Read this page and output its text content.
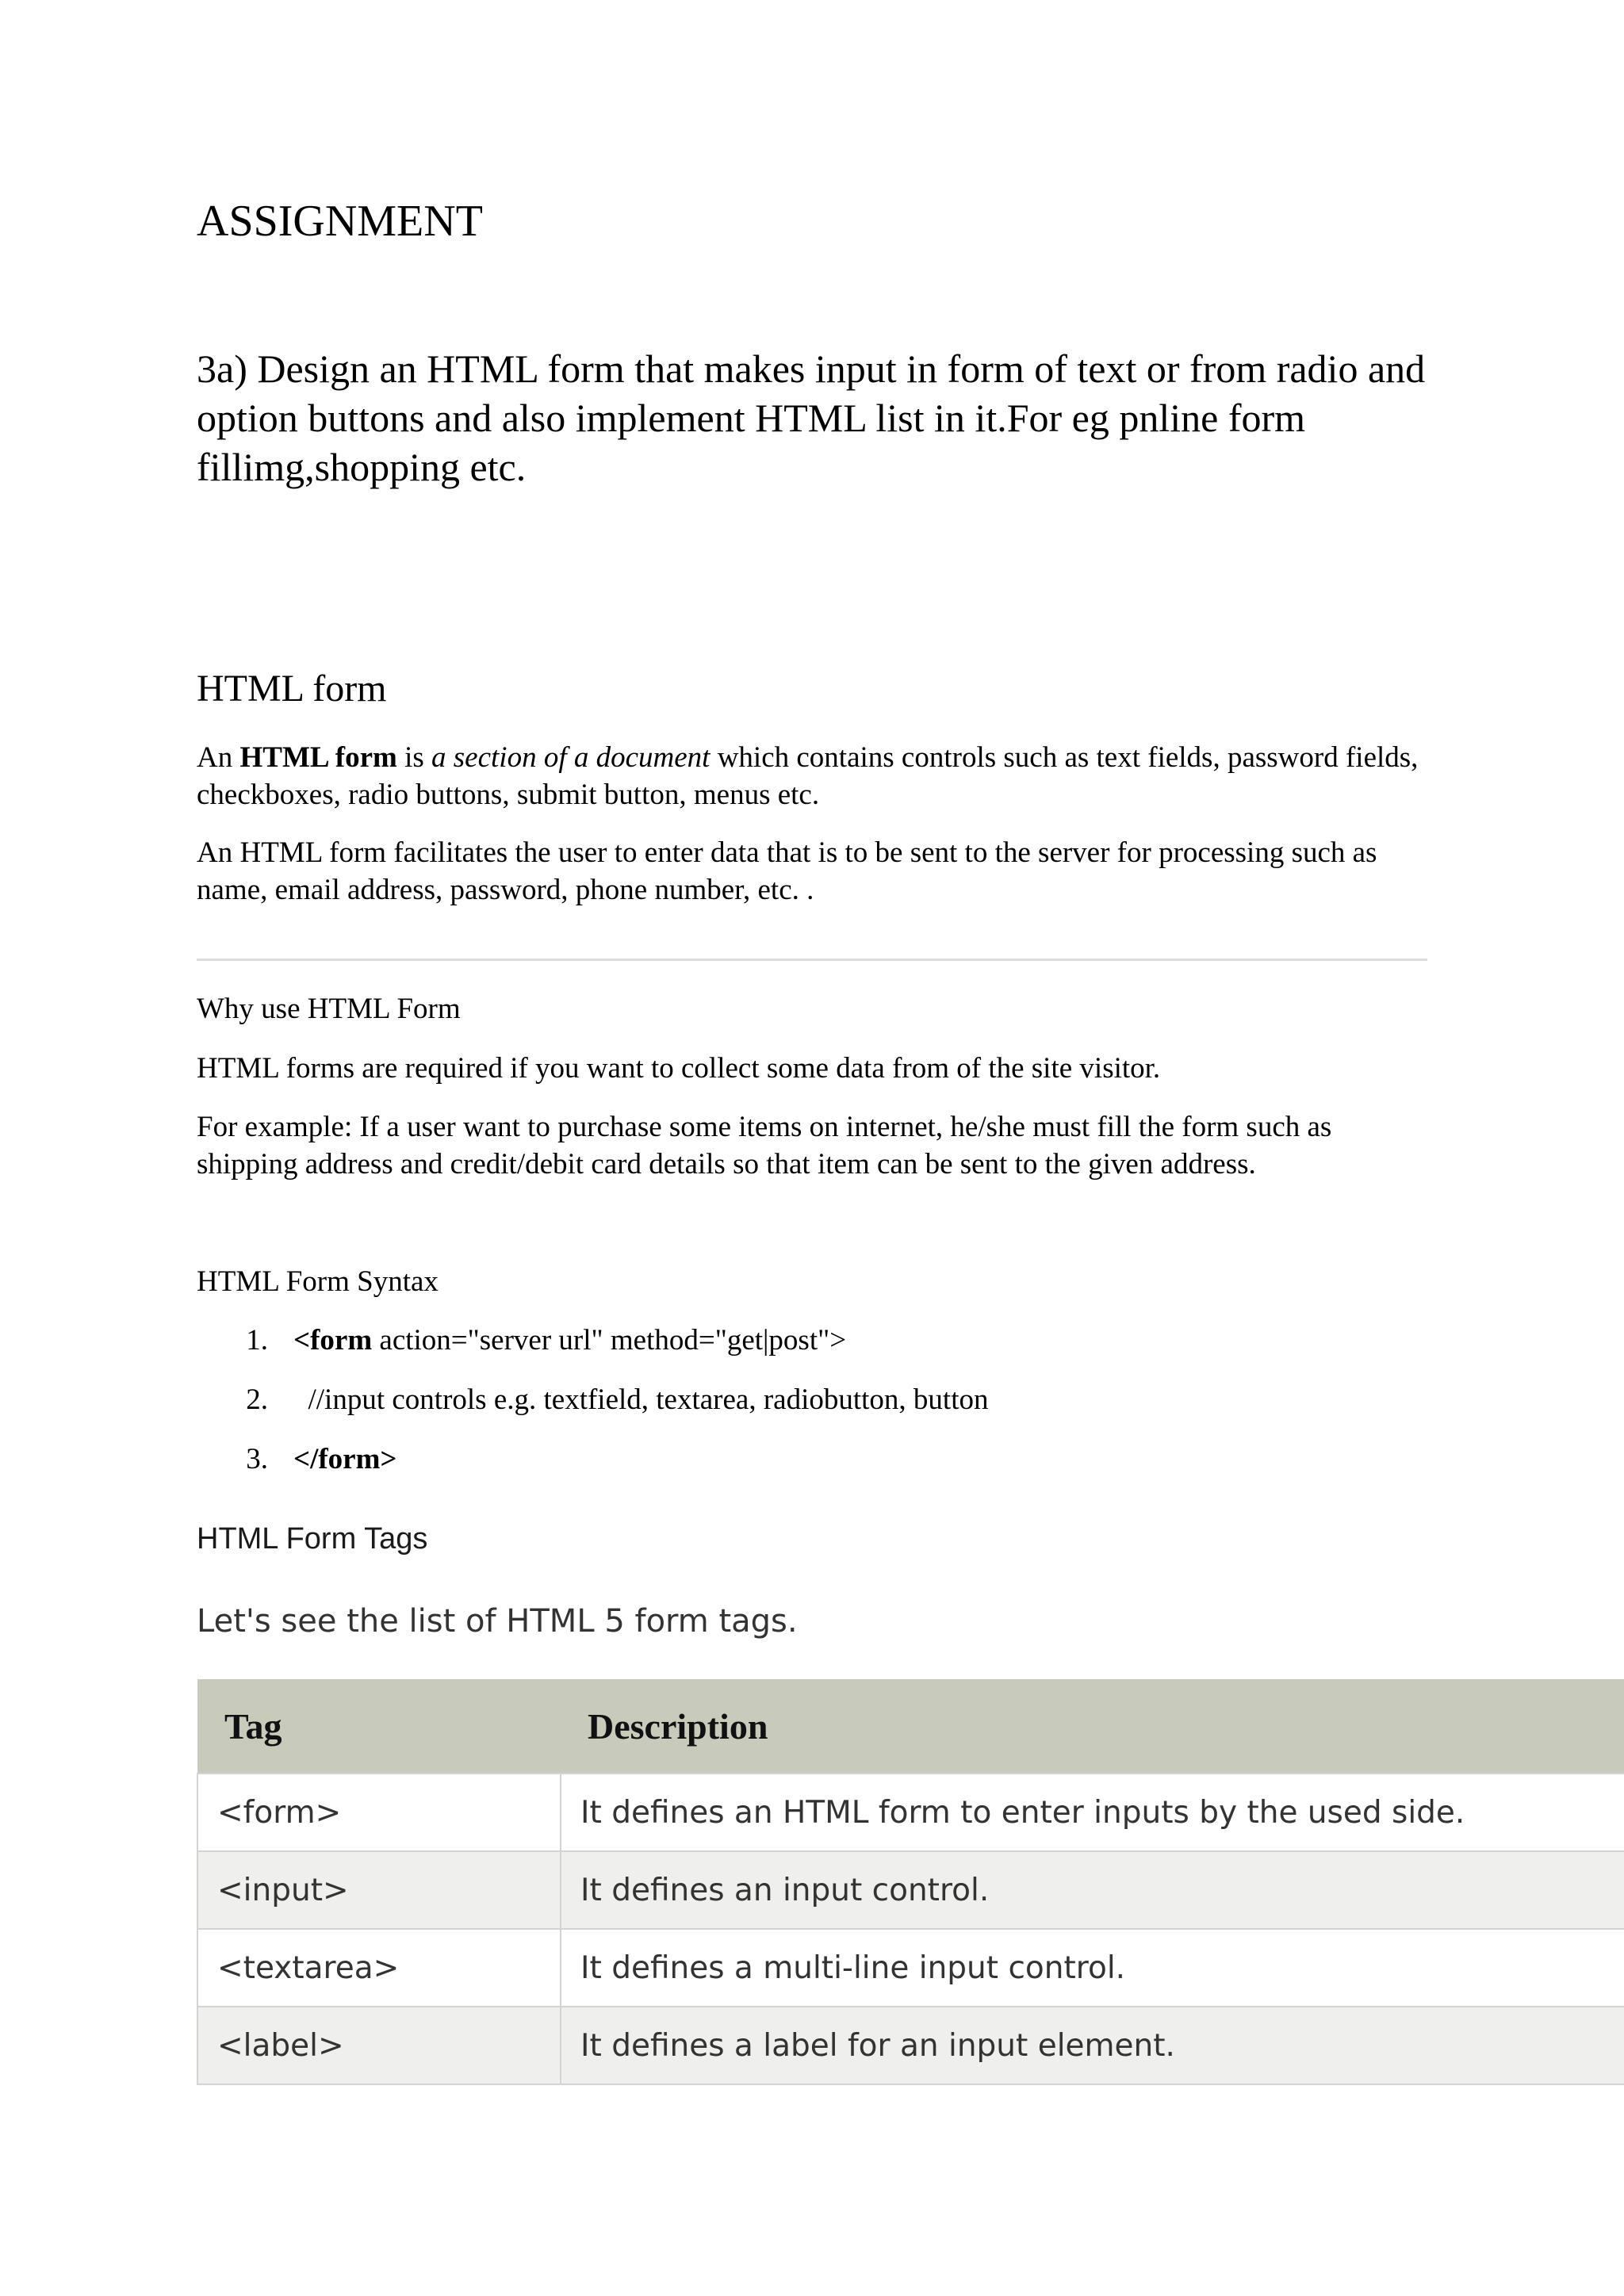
ASSIGNMENT

3a) Design an HTML form that makes input in form of text or from radio and option buttons and also implement HTML list in it.For eg pnline form fillimg,shopping etc.

HTML form

An HTML form is a section of a document which contains controls such as text fields, password fields, checkboxes, radio buttons, submit button, menus etc.

An HTML form facilitates the user to enter data that is to be sent to the server for processing such as name, email address, password, phone number, etc. .

Why use HTML Form

HTML forms are required if you want to collect some data from of the site visitor.

For example: If a user want to purchase some items on internet, he/she must fill the form such as shipping address and credit/debit card details so that item can be sent to the given address.

HTML Form Syntax

1. <form action="server url" method="get|post">

2.  //input controls e.g. textfield, textarea, radiobutton, button

3. </form>

HTML Form Tags

Let's see the list of HTML 5 form tags.

Tag	Description
<form>	It defines an HTML form to enter inputs by the used side.
<input>	It defines an input control.
<textarea>	It defines a multi-line input control.
<label>	It defines a label for an input element.
